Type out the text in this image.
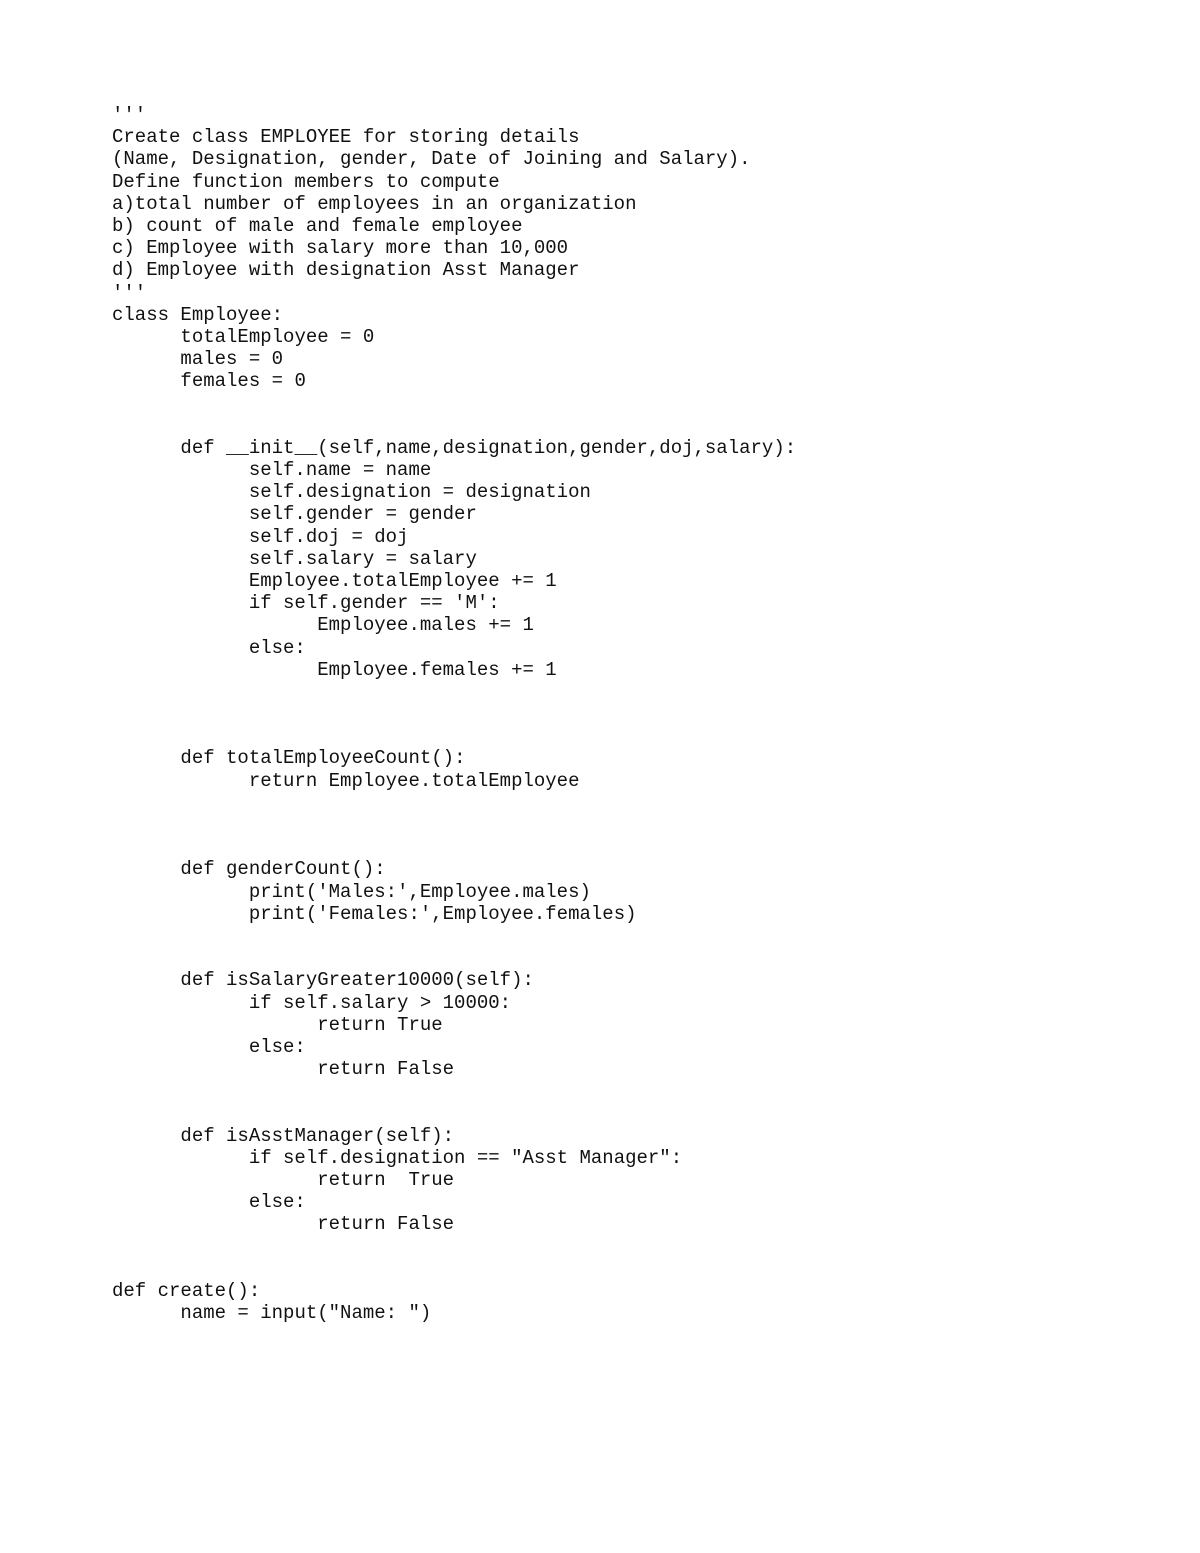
'''
Create class EMPLOYEE for storing details
(Name, Designation, gender, Date of Joining and Salary).
Define function members to compute
a)total number of employees in an organization
b) count of male and female employee
c) Employee with salary more than 10,000
d) Employee with designation Asst Manager
'''
class Employee:
	totalEmployee = 0
	males = 0
	females = 0
	def __init__(self,name,designation,gender,doj,salary):
		self.name = name
		self.designation = designation
		self.gender = gender
		self.doj = doj
		self.salary = salary
		Employee.totalEmployee += 1
		if self.gender == 'M':
			Employee.males += 1
		else:
			Employee.females += 1
	def totalEmployeeCount():
		return Employee.totalEmployee
	def genderCount():
		print('Males:',Employee.males)
		print('Females:',Employee.females)
	def isSalaryGreater10000(self):
		if self.salary > 10000:
			return True
		else:
			return False
	def isAsstManager(self):
		if self.designation == "Asst Manager":
			return  True
		else:
			return False
def create():
	name = input("Name: ")
